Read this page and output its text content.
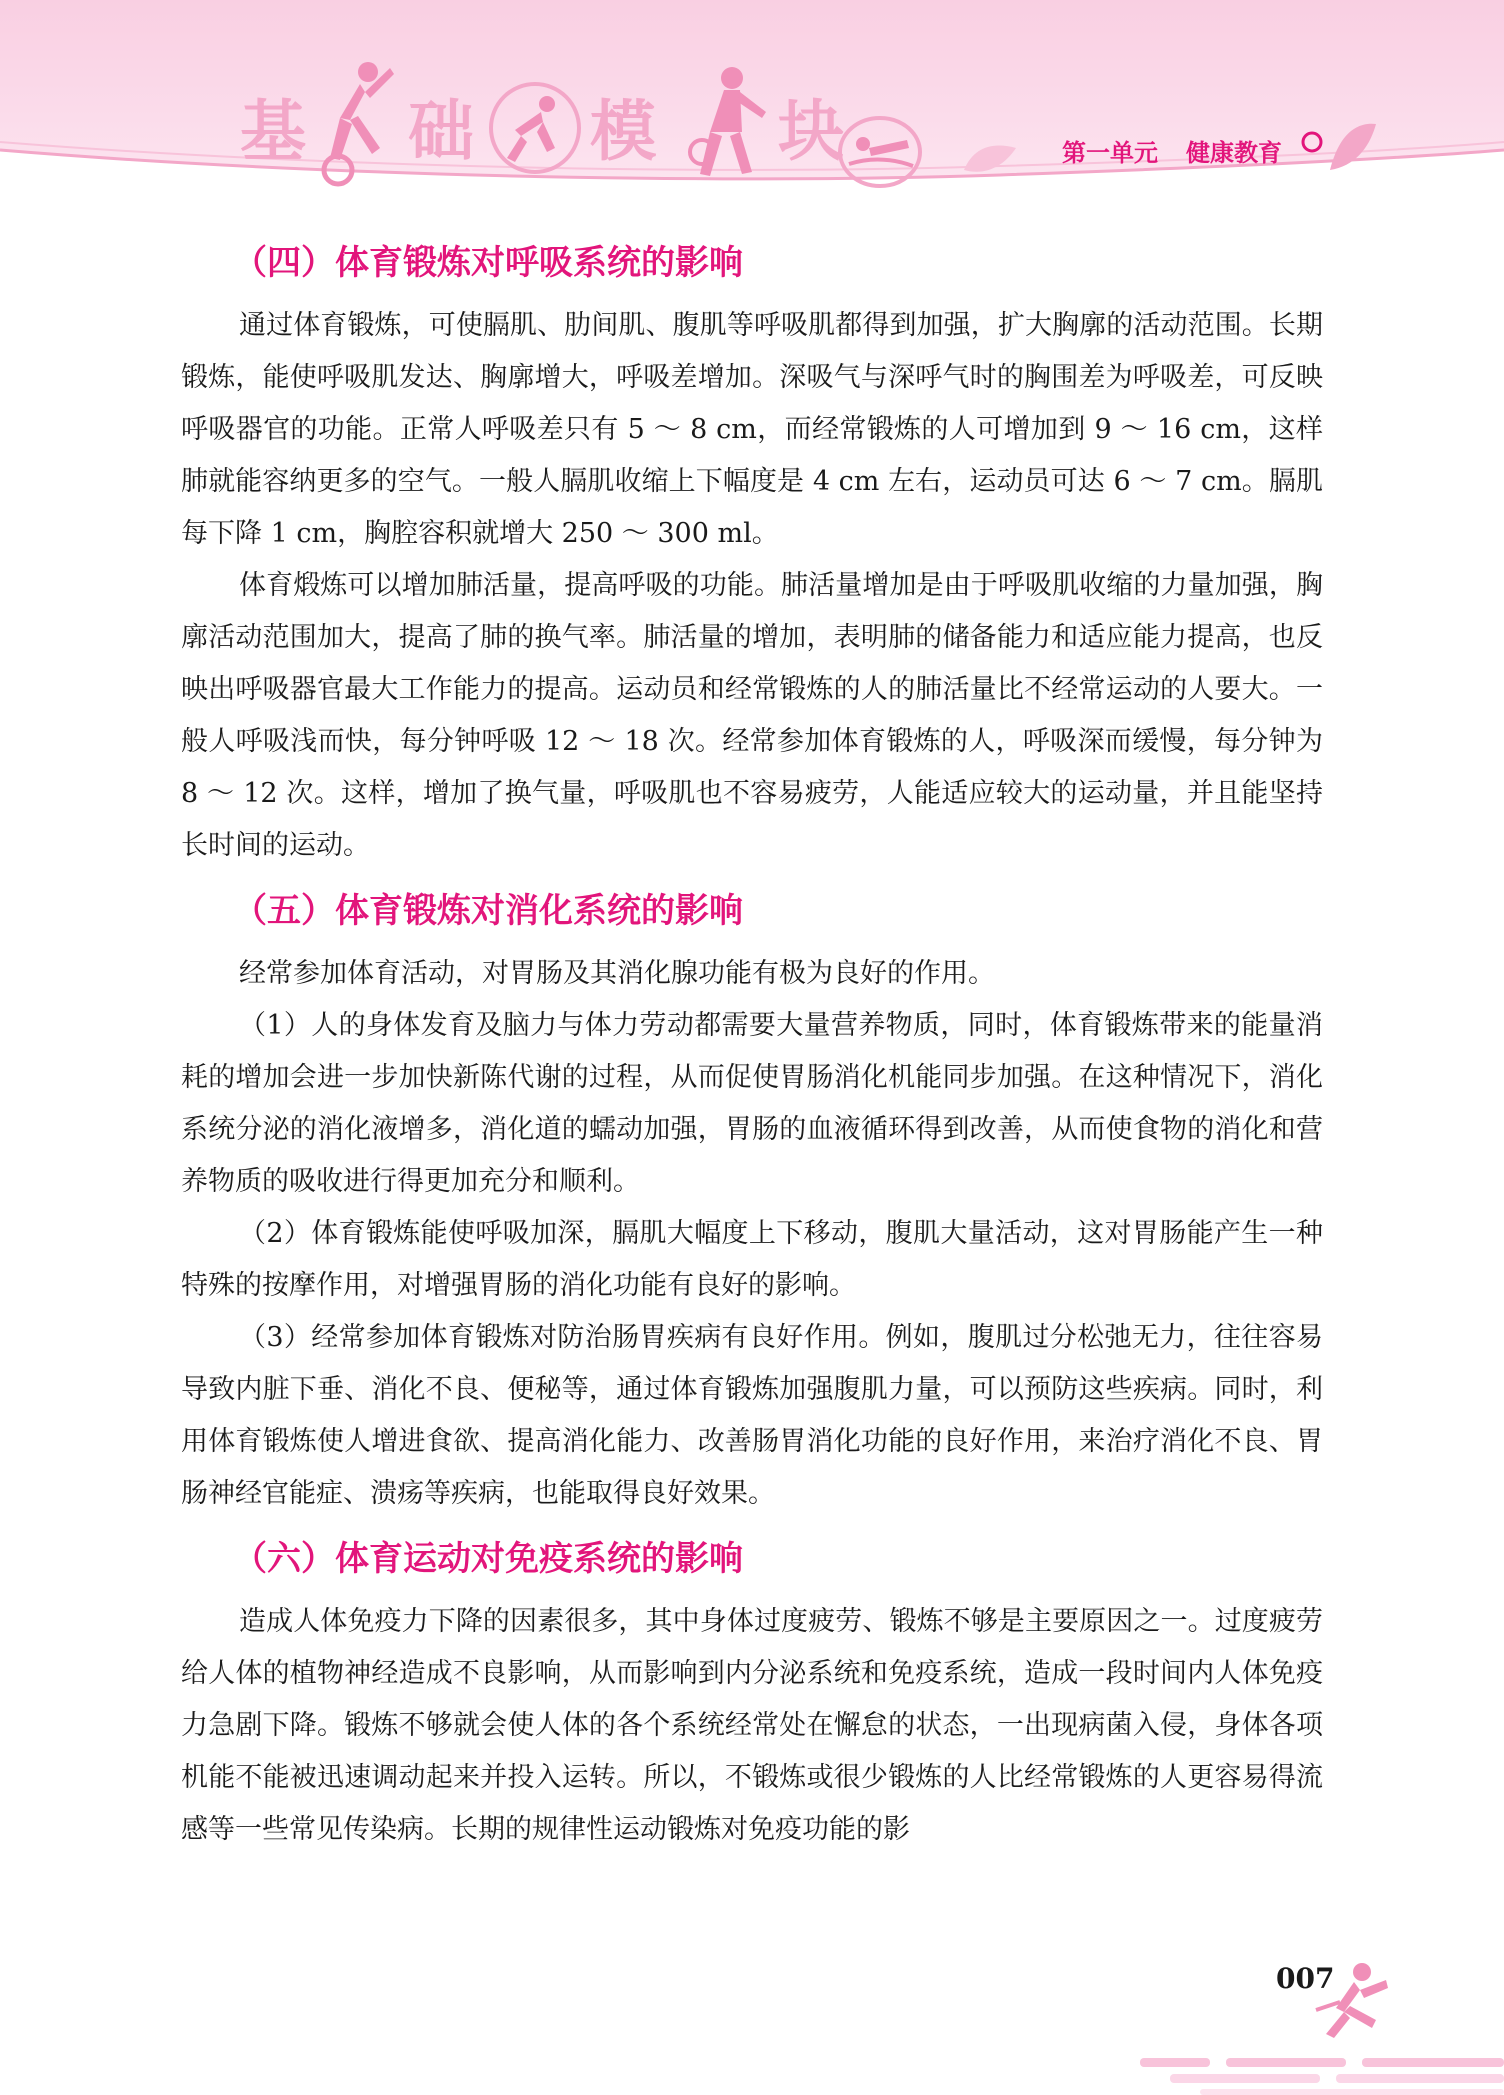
基 础 模 块	第一单元 健康教育
（四）体育锻炼对呼吸系统的影响

通过体育锻炼，可使膈肌、肋间肌、腹肌等呼吸肌都得到加强，扩大胸廓的活动范围。长期锻炼，能使呼吸肌发达、胸廓增大，呼吸差增加。深吸气与深呼气时的胸围差为呼吸差，可反映呼吸器官的功能。正常人呼吸差只有 5 ～ 8 cm，而经常锻炼的人可增加到 9 ～ 16 cm，这样肺就能容纳更多的空气。一般人膈肌收缩上下幅度是 4 cm 左右，运动员可达 6 ～ 7 cm。膈肌每下降 1 cm，胸腔容积就增大 250 ～ 300 ml。

体育煅炼可以增加肺活量，提高呼吸的功能。肺活量增加是由于呼吸肌收缩的力量加强，胸廓活动范围加大，提高了肺的换气率。肺活量的增加，表明肺的储备能力和适应能力提高，也反映出呼吸器官最大工作能力的提高。运动员和经常锻炼的人的肺活量比不经常运动的人要大。一般人呼吸浅而快，每分钟呼吸 12 ～ 18 次。经常参加体育锻炼的人，呼吸深而缓慢，每分钟为 8 ～ 12 次。这样，增加了换气量，呼吸肌也不容易疲劳，人能适应较大的运动量，并且能坚持长时间的运动。

（五）体育锻炼对消化系统的影响

经常参加体育活动，对胃肠及其消化腺功能有极为良好的作用。

（1）人的身体发育及脑力与体力劳动都需要大量营养物质，同时，体育锻炼带来的能量消耗的增加会进一步加快新陈代谢的过程，从而促使胃肠消化机能同步加强。在这种情况下，消化系统分泌的消化液增多，消化道的蠕动加强，胃肠的血液循环得到改善，从而使食物的消化和营养物质的吸收进行得更加充分和顺利。

（2）体育锻炼能使呼吸加深，膈肌大幅度上下移动，腹肌大量活动，这对胃肠能产生一种特殊的按摩作用，对增强胃肠的消化功能有良好的影响。

（3）经常参加体育锻炼对防治肠胃疾病有良好作用。例如，腹肌过分松弛无力，往往容易导致内脏下垂、消化不良、便秘等，通过体育锻炼加强腹肌力量，可以预防这些疾病。同时，利用体育锻炼使人增进食欲、提高消化能力、改善肠胃消化功能的良好作用，来治疗消化不良、胃肠神经官能症、溃疡等疾病，也能取得良好效果。

（六）体育运动对免疫系统的影响

造成人体免疫力下降的因素很多，其中身体过度疲劳、锻炼不够是主要原因之一。过度疲劳给人体的植物神经造成不良影响，从而影响到内分泌系统和免疫系统，造成一段时间内人体免疫力急剧下降。锻炼不够就会使人体的各个系统经常处在懈怠的状态，一出现病菌入侵，身体各项机能不能被迅速调动起来并投入运转。所以，不锻炼或很少锻炼的人比经常锻炼的人更容易得流感等一些常见传染病。长期的规律性运动锻炼对免疫功能的影

007
